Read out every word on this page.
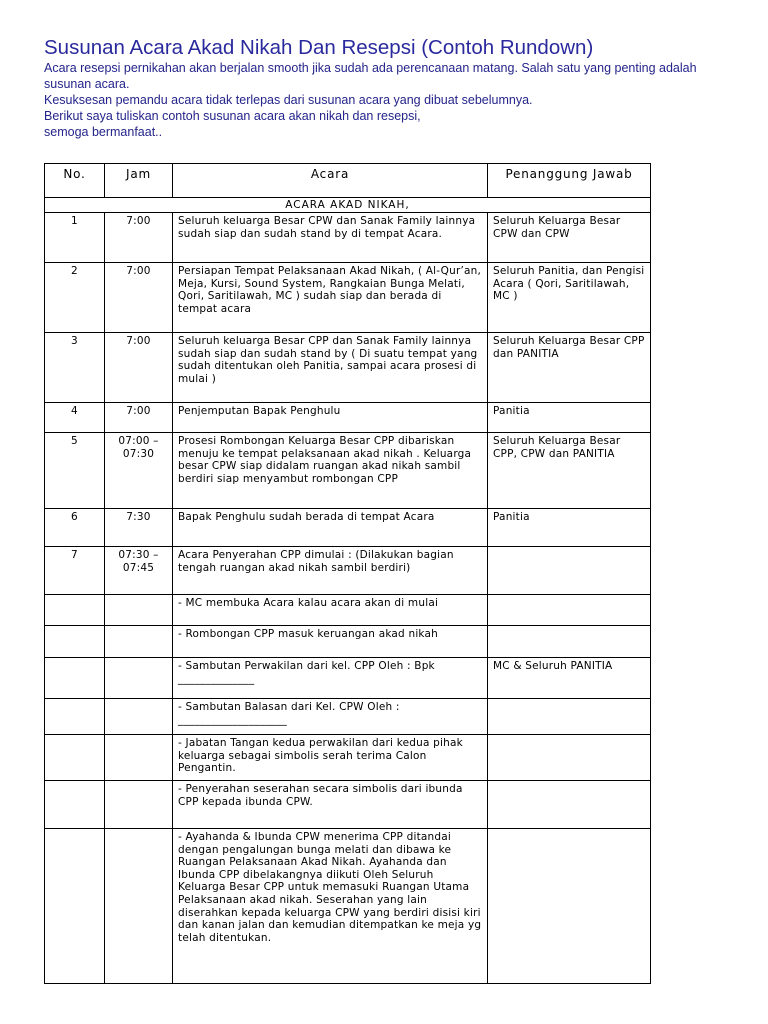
Susunan Acara Akad Nikah Dan Resepsi (Contoh Rundown)

Acara resepsi pernikahan akan berjalan smooth jika sudah ada perencanaan matang. Salah satu yang penting adalah susunan acara.

Kesuksesan pemandu acara tidak terlepas dari susunan acara yang dibuat sebelumnya.

Berikut saya tuliskan contoh susunan acara akan nikah dan resepsi,

semoga bermanfaat..

No.	Jam	Acara	Penanggung Jawab
ACARA AKAD NIKAH,			
1	7:00	Seluruh keluarga Besar CPW dan Sanak Family lainnya sudah siap dan sudah stand by di tempat Acara.	Seluruh Keluarga Besar CPW dan CPW
2	7:00	Persiapan Tempat Pelaksanaan Akad Nikah, ( Al-Qur’an, Meja, Kursi, Sound System, Rangkaian Bunga Melati, Qori, Saritilawah, MC ) sudah siap dan berada di tempat acara	Seluruh Panitia, dan Pengisi Acara ( Qori, Saritilawah, MC )
3	7:00	Seluruh keluarga Besar CPP dan Sanak Family lainnya sudah siap dan sudah stand by ( Di suatu tempat yang sudah ditentukan oleh Panitia, sampai acara prosesi di mulai )	Seluruh Keluarga Besar CPP dan PANITIA
4	7:00	Penjemputan Bapak Penghulu	Panitia
5	07:00 – 07:30	Prosesi Rombongan Keluarga Besar CPP dibariskan menuju ke tempat pelaksanaan akad nikah . Keluarga besar CPW siap didalam ruangan akad nikah sambil berdiri siap menyambut rombongan CPP	Seluruh Keluarga Besar CPP, CPW dan PANITIA
6	7:30	Bapak Penghulu sudah berada di tempat Acara	Panitia
7	07:30 – 07:45	Acara Penyerahan CPP dimulai : (Dilakukan bagian tengah ruangan akad nikah sambil berdiri)	
		- MC membuka Acara kalau acara akan di mulai	
		- Rombongan CPP masuk keruangan akad nikah	
		- Sambutan Perwakilan dari kel. CPP Oleh : Bpk ______________	MC & Seluruh PANITIA
		- Sambutan Balasan dari Kel. CPW Oleh : ____________________	
		- Jabatan Tangan kedua perwakilan dari kedua pihak keluarga sebagai simbolis serah terima Calon Pengantin.	
		- Penyerahan seserahan secara simbolis dari ibunda CPP kepada ibunda CPW.	
		- Ayahanda & Ibunda CPW menerima CPP ditandai dengan pengalungan bunga melati dan dibawa ke Ruangan Pelaksanaan Akad Nikah. Ayahanda dan Ibunda CPP dibelakangnya diikuti Oleh Seluruh Keluarga Besar CPP untuk memasuki Ruangan Utama Pelaksanaan akad nikah. Seserahan yang lain diserahkan kepada keluarga CPW yang berdiri disisi kiri dan kanan jalan dan kemudian ditempatkan ke meja yg telah ditentukan.	
